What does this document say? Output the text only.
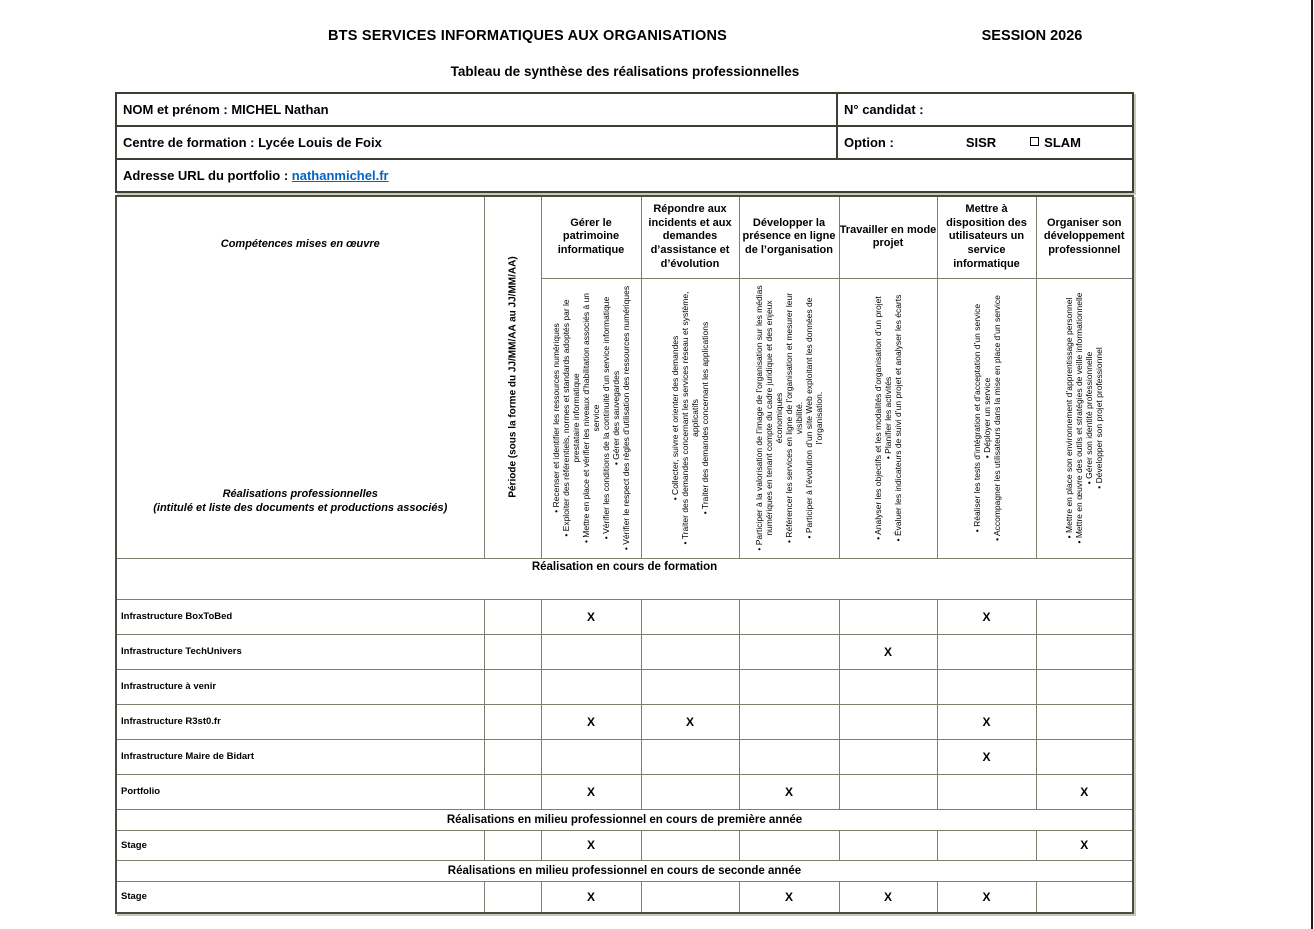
BTS SERVICES INFORMATIQUES AUX ORGANISATIONS	SESSION 2026
Tableau de synthèse des réalisations professionnelles
NOM et prénom : MICHEL Nathan	N° candidat :
Centre de formation : Lycée Louis de Foix	Option : SISR SLAM
Adresse URL du portfolio : nathanmichel.fr	
Compétences mises en œuvre
Réalisations professionnelles
(intitulé et liste des documents et productions associés)	Période (sous la forme du JJ/MM/AA au JJ/MM/AA)	Gérer le patrimoine informatique	Répondre aux incidents et aux demandes d’assistance et d’évolution	Développer la présence en ligne de l’organisation	Travailler en mode projet	Mettre à disposition des utilisateurs un service informatique	Organiser son développement professionnel

• Recenser et identifier les ressources numériques • Exploiter des référentiels, normes et standards adoptés par le prestataire informatique • Mettre en place et vérifier les niveaux d’habilitation associés à un service • Vérifier les conditions de la continuité d’un service informatique • Gérer des sauvegardes • Vérifier le respect des règles d’utilisation des ressources numériques	• Collecter, suivre et orienter des demandes • Traiter des demandes concernant les services réseau et système, applicatifs • Traiter des demandes concernant les applications	• Participer à la valorisation de l’image de l’organisation sur les médias numériques en tenant compte du cadre juridique et des enjeux économiques • Référencer les services en ligne de l’organisation et mesurer leur visibilité. • Participer à l’évolution d’un site Web exploitant les données de l’organisation.	• Analyser les objectifs et les modalités d’organisation d’un projet • Planifier les activités • Évaluer les indicateurs de suivi d’un projet et analyser les écarts	• Réaliser les tests d’intégration et d’acceptation d’un service • Déployer un service • Accompagner les utilisateurs dans la mise en place d’un service	• Mettre en place son environnement d’apprentissage personnel • Mettre en œuvre des outils et stratégies de veille informationnelle • Gérer son identité professionnelle • Développer son projet professionnel

Réalisation en cours de formation							
Infrastructure BoxToBed		X				X	
Infrastructure TechUnivers					X		
Infrastructure à venir							
Infrastructure R3st0.fr		X	X			X	
Infrastructure Maire de Bidart						X	
Portfolio		X		X			X
Réalisations en milieu professionnel en cours de première année							
Stage		X					X
Réalisations en milieu professionnel en cours de seconde année							
Stage		X		X	X	X	
